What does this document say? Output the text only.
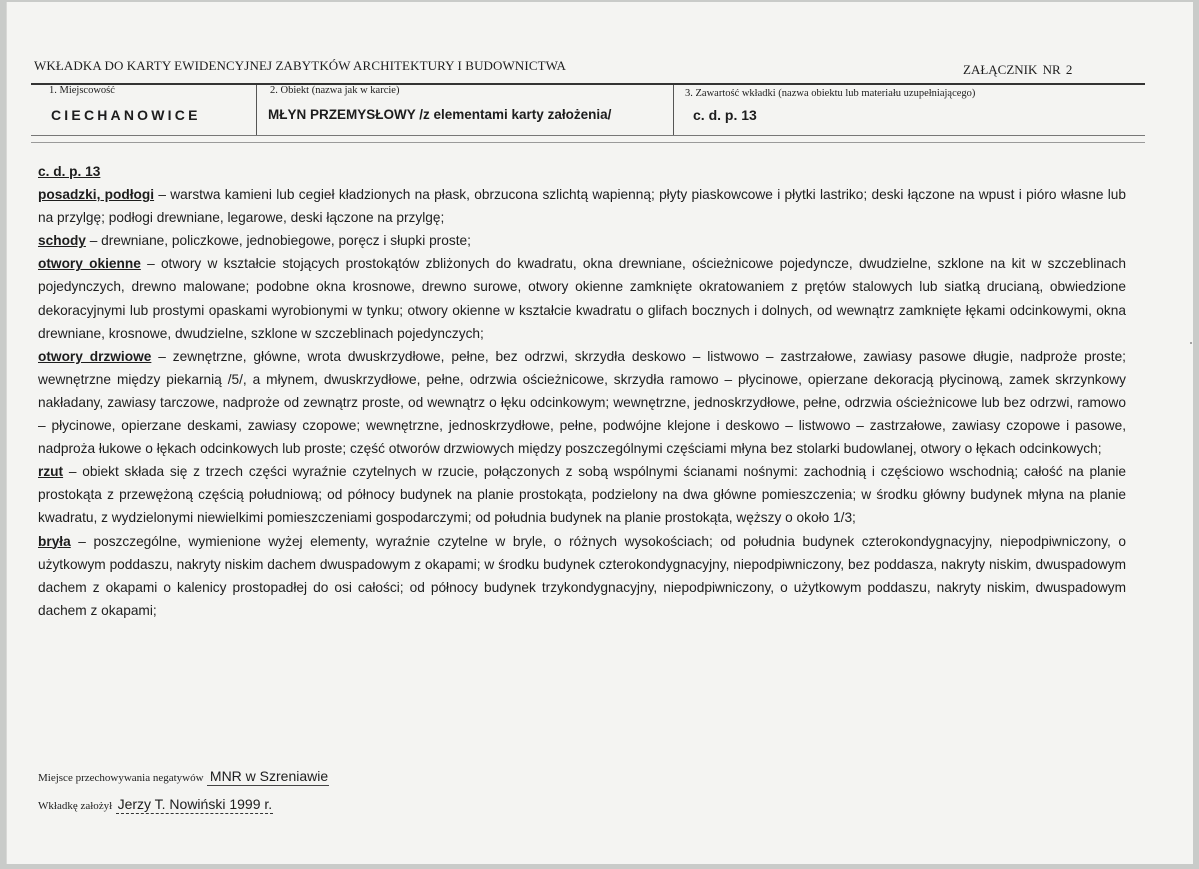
WKŁADKA DO KARTY EWIDENCYJNEJ ZABYTKÓW ARCHITEKTURY I BUDOWNICTWA	ZAŁĄCZNIK NR 2
1. Miejscowość
CIECHANOWICE
2. Obiekt (nazwa jak w karcie)
MŁYN PRZEMYSŁOWY /z elementami karty założenia/
3. Zawartość wkładki (nazwa obiektu lub materiału uzupełniającego)
c. d. p. 13
c. d. p. 13

posadzki, podłogi – warstwa kamieni lub cegieł kładzionych na płask, obrzucona szlichtą wapienną; płyty piaskowcowe i płytki lastriko; deski łączone na wpust i pióro własne lub na przylgę; podłogi drewniane, legarowe, deski łączone na przylgę;

schody – drewniane, policzkowe, jednobiegowe, poręcz i słupki proste;

otwory okienne – otwory w kształcie stojących prostokątów zbliżonych do kwadratu, okna drewniane, ościeżnicowe pojedyncze, dwudzielne, szklone na kit w szczeblinach pojedynczych, drewno malowane; podobne okna krosnowe, drewno surowe, otwory okienne zamknięte okratowaniem z prętów stalowych lub siatką drucianą, obwiedzione dekoracyjnymi lub prostymi opaskami wyrobionymi w tynku; otwory okienne w kształcie kwadratu o glifach bocznych i dolnych, od wewnątrz zamknięte łękami odcinkowymi, okna drewniane, krosnowe, dwudzielne, szklone w szczeblinach pojedynczych;

otwory drzwiowe – zewnętrzne, główne, wrota dwuskrzydłowe, pełne, bez odrzwi, skrzydła deskowo – listwowo – zastrzałowe, zawiasy pasowe długie, nadproże proste; wewnętrzne między piekarnią /5/, a młynem, dwuskrzydłowe, pełne, odrzwia ościeżnicowe, skrzydła ramowo – płycinowe, opierzane dekoracją płycinową, zamek skrzynkowy nakładany, zawiasy tarczowe, nadproże od zewnątrz proste, od wewnątrz o łęku odcinkowym; wewnętrzne, jednoskrzydłowe, pełne, odrzwia ościeżnicowe lub bez odrzwi, ramowo – płycinowe, opierzane deskami, zawiasy czopowe; wewnętrzne, jednoskrzydłowe, pełne, podwójne klejone i deskowo – listwowo – zastrzałowe, zawiasy czopowe i pasowe, nadproża łukowe o łękach odcinkowych lub proste; część otworów drzwiowych między poszczególnymi częściami młyna bez stolarki budowlanej, otwory o łękach odcinkowych;

rzut – obiekt składa się z trzech części wyraźnie czytelnych w rzucie, połączonych z sobą wspólnymi ścianami nośnymi: zachodnią i częściowo wschodnią; całość na planie prostokąta z przewężoną częścią południową; od północy budynek na planie prostokąta, podzielony na dwa główne pomieszczenia; w środku główny budynek młyna na planie kwadratu, z wydzielonymi niewielkimi pomieszczeniami gospodarczymi; od południa budynek na planie prostokąta, węższy o około 1/3;

bryła – poszczególne, wymienione wyżej elementy, wyraźnie czytelne w bryle, o różnych wysokościach; od południa budynek czterokondygnacyjny, niepodpiwniczony, o użytkowym poddaszu, nakryty niskim dachem dwuspadowym z okapami; w środku budynek czterokondygnacyjny, niepodpiwniczony, bez poddasza, nakryty niskim, dwuspadowym dachem z okapami o kalenicy prostopadłej do osi całości; od północy budynek trzykondygnacyjny, niepodpiwniczony, o użytkowym poddaszu, nakryty niskim, dwuspadowym dachem z okapami;

Miejsce przechowywania negatywów MNR w Szreniawie
Wkładkę założył Jerzy T. Nowiński 1999 r.
